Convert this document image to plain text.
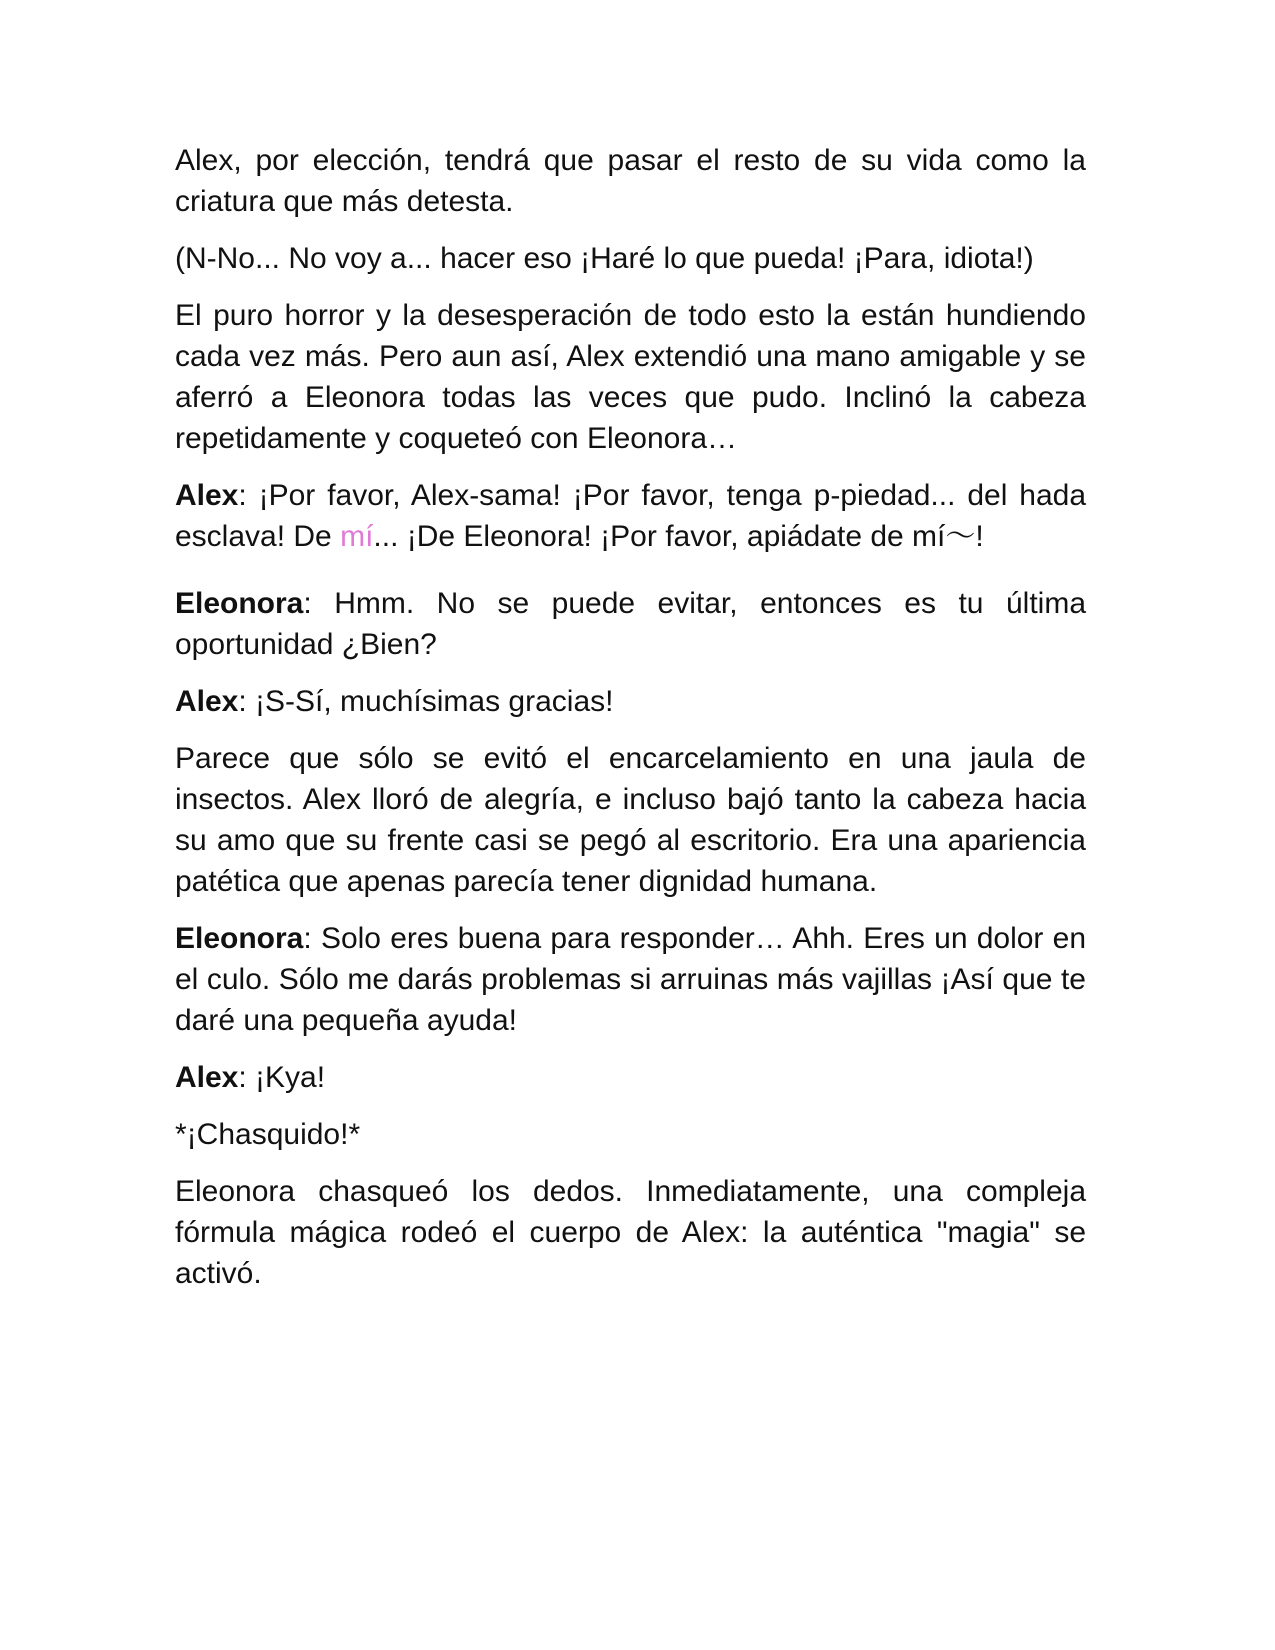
Alex, por elección, tendrá que pasar el resto de su vida como la criatura que más detesta.

(N-No... No voy a... hacer eso ¡Haré lo que pueda! ¡Para, idiota!)

El puro horror y la desesperación de todo esto la están hundiendo cada vez más. Pero aun así, Alex extendió una mano amigable y se aferró a Eleonora todas las veces que pudo. Inclinó la cabeza repetidamente y coqueteó con Eleonora…

Alex: ¡Por favor, Alex-sama! ¡Por favor, tenga p-piedad... del hada esclava! De mí... ¡De Eleonora! ¡Por favor, apiádate de mí～!

Eleonora: Hmm. No se puede evitar, entonces es tu última oportunidad ¿Bien?

Alex: ¡S-Sí, muchísimas gracias!

Parece que sólo se evitó el encarcelamiento en una jaula de insectos. Alex lloró de alegría, e incluso bajó tanto la cabeza hacia su amo que su frente casi se pegó al escritorio. Era una apariencia patética que apenas parecía tener dignidad humana.

Eleonora: Solo eres buena para responder… Ahh. Eres un dolor en el culo. Sólo me darás problemas si arruinas más vajillas ¡Así que te daré una pequeña ayuda!

Alex: ¡Kya!

*¡Chasquido!*

Eleonora chasqueó los dedos. Inmediatamente, una compleja fórmula mágica rodeó el cuerpo de Alex: la auténtica "magia" se activó.
